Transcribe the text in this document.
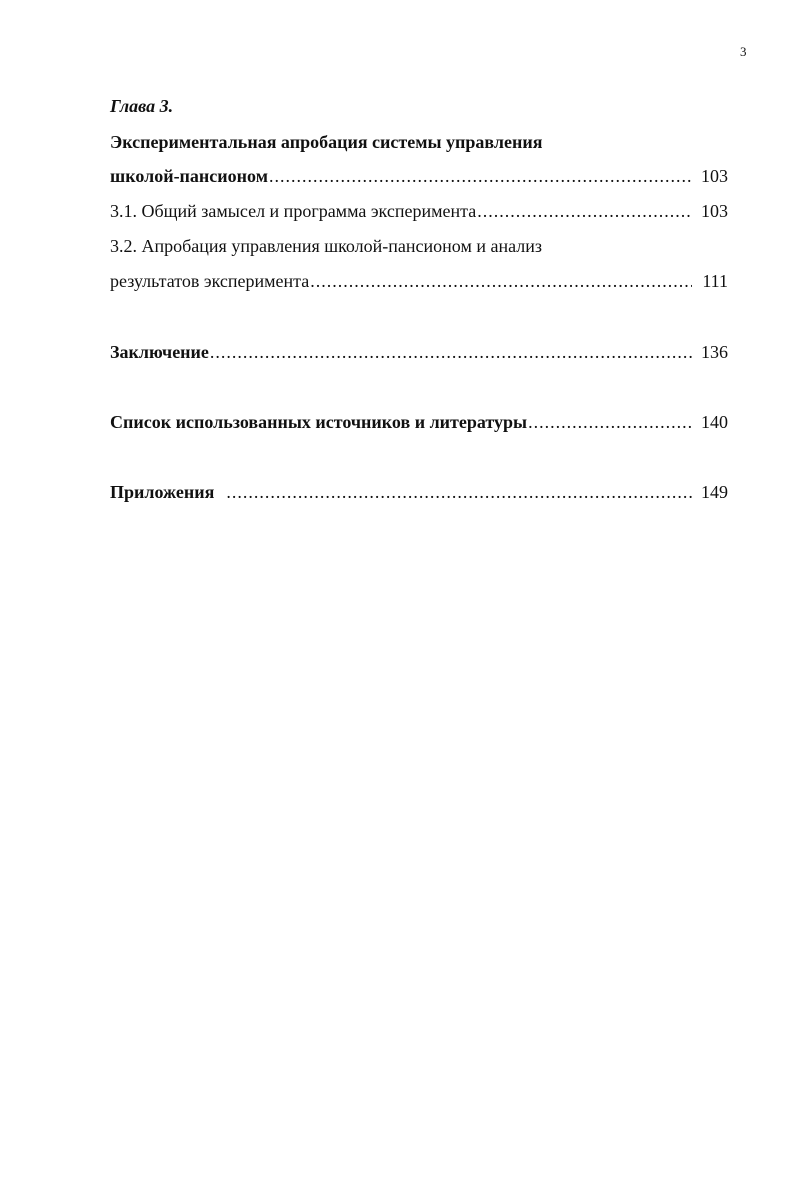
3
Глава 3.
Экспериментальная апробация системы управления
школой-пансионом .....	103
3.1. Общий замысел и программа эксперимента .....	103
3.2. Апробация управления школой-пансионом и анализ
результатов эксперимента .....	111
Заключение .....	136
Список использованных источников и литературы .....	140
Приложения .....	149
